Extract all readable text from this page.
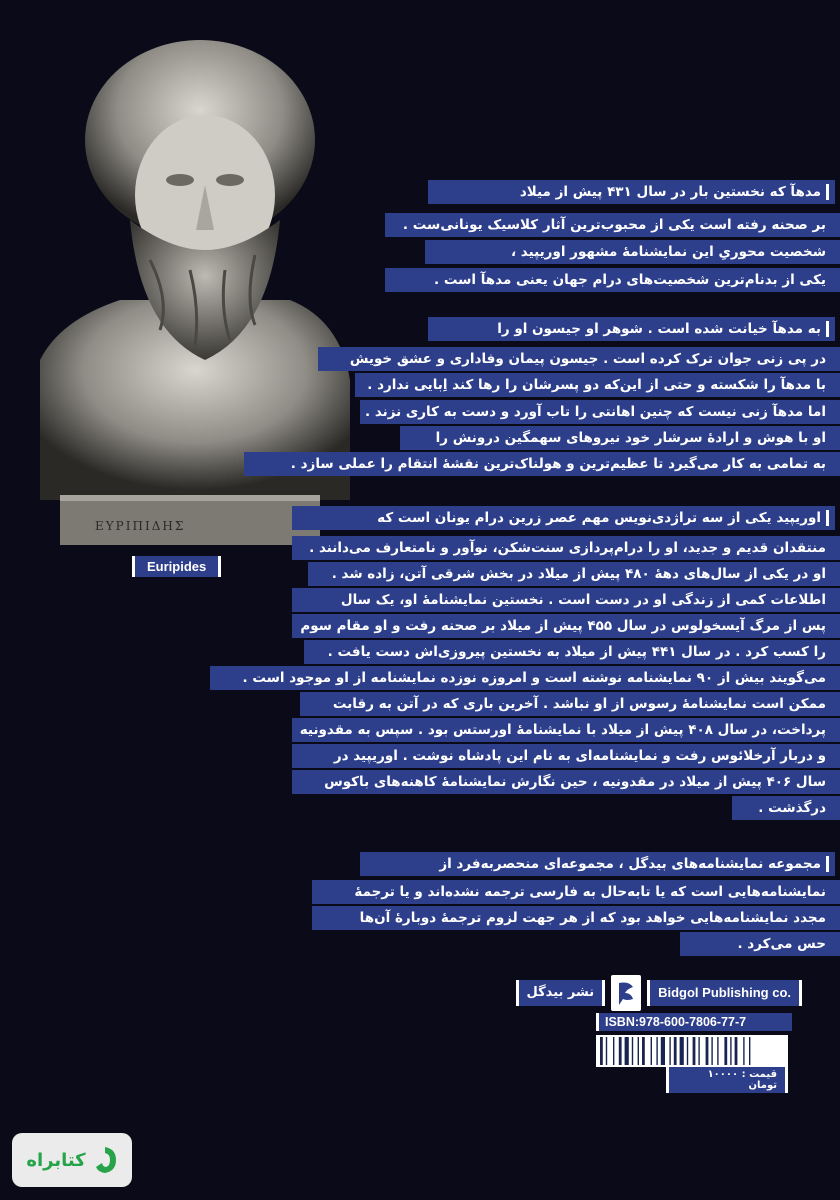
ΕΥΡΙΠΙΔΗΣ
Euripides
مدهآ که نخستین بار در سال ۴۳۱ پیش از میلاد
بر صحنه رفته است یکی از محبوب‌ترین آثار کلاسیک یونانی‌ست .
شخصیت محوریِ این نمایشنامهٔ مشهور اوریپید ،
یکی از بدنام‌ترین شخصیت‌های درام جهان یعنی مدهآ است .
به مدهآ خیانت شده است . شوهر او جیسون او را
در پی زنی جوان ترک کرده است . جیسون پیمان وفاداری و عشق خویش
با مدهآ را شکسته و حتی از این‌که دو پسرشان را رها کند اِبایی ندارد .
اما مدهآ زنی نیست که چنین اهانتی را تاب آورد و دست به کاری نزند .
او با هوش و ارادهٔ سرشار خود نیروهای سهمگین درونش را
به تمامی به کار می‌گیرد تا عظیم‌ترین و هولناک‌ترین نقشهٔ انتقام را عملی سازد .
اوریپید یکی از سه تراژدی‌نویس مهم عصر زرین درام یونان است که
منتقدان قدیم و جدید، او را درام‌پردازی سنت‌شکن، نوآور و نامتعارف می‌دانند .
او در یکی از سال‌های دههٔ ۴۸۰ پیش از میلاد در بخش شرقی آتن، زاده شد .
اطلاعات کمی از زندگی او در دست است . نخستین نمایشنامهٔ او، یک سال
پس از مرگ آیسخولوس در سال ۴۵۵ پیش از میلاد بر صحنه رفت و او مقام سوم
را کسب کرد . در سال ۴۴۱ پیش از میلاد به نخستین پیروزی‌اش دست یافت .
می‌گویند بیش از ۹۰ نمایشنامه نوشته است و امروزه نوزده نمایشنامه از او موجود است .
ممکن است نمایشنامهٔ رسوس از او نباشد . آخرین باری که در آتن به رقابت
پرداخت، در سال ۴۰۸ پیش از میلاد با نمایشنامهٔ اورستس بود . سپس به مقدونیه
و دربار آرخلائوس رفت و نمایشنامه‌ای به نام این پادشاه نوشت . اوریپید در
سال ۴۰۶ پیش از میلاد در مقدونیه ، حین نگارش نمایشنامهٔ کاهنه‌های باکوس
درگذشت .
مجموعه نمایشنامه‌های بیدگل ، مجموعه‌ای منحصربه‌فرد از
نمایشنامه‌هایی است که یا تابه‌حال به فارسی ترجمه نشده‌اند و یا ترجمهٔ
مجدد نمایشنامه‌هایی خواهد بود که از هر جهت لزوم ترجمهٔ دوبارهٔ آن‌ها
حس می‌کرد .
نشر بیدگل	Bidgol Publishing co.
ISBN:978-600-7806-77-7
قیمت : ۱۰۰۰۰ تومان
کتابراه
